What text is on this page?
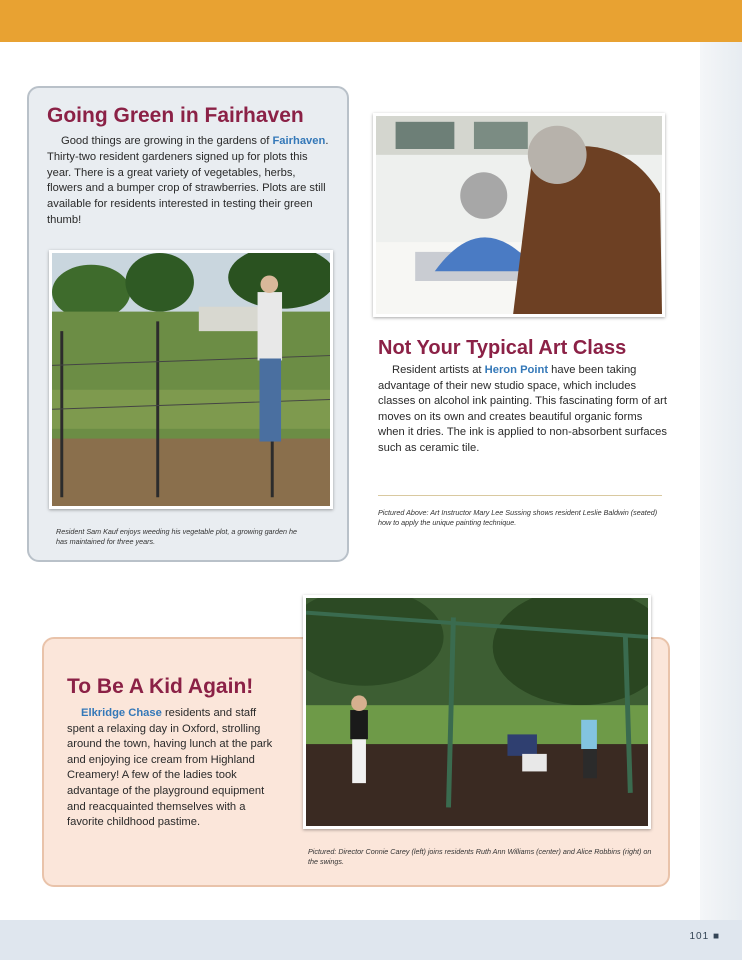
Going Green in Fairhaven

Good things are growing in the gardens of Fairhaven. Thirty-two resident gardeners signed up for plots this year. There is a great variety of vegetables, herbs, flowers and a bumper crop of strawberries. Plots are still available for residents interested in testing their green thumb!

Resident Sam Kauf enjoys weeding his vegetable plot, a growing garden he has maintained for three years.

Not Your Typical Art Class

Resident artists at Heron Point have been taking advantage of their new studio space, which includes classes on alcohol ink painting. This fascinating form of art moves on its own and creates beautiful organic forms when it dries. The ink is applied to non-absorbent surfaces such as ceramic tile.

Pictured Above: Art Instructor Mary Lee Sussing shows resident Leslie Baldwin (seated) how to apply the unique painting technique.

To Be A Kid Again!

Elkridge Chase residents and staff spent a relaxing day in Oxford, strolling around the town, having lunch at the park and enjoying ice cream from Highland Creamery! A few of the ladies took advantage of the playground equipment and reacquainted themselves with a favorite childhood pastime.

Pictured: Director Connie Carey (left) joins residents Ruth Ann Williams (center) and Alice Robbins (right) on the swings.

101 ■
